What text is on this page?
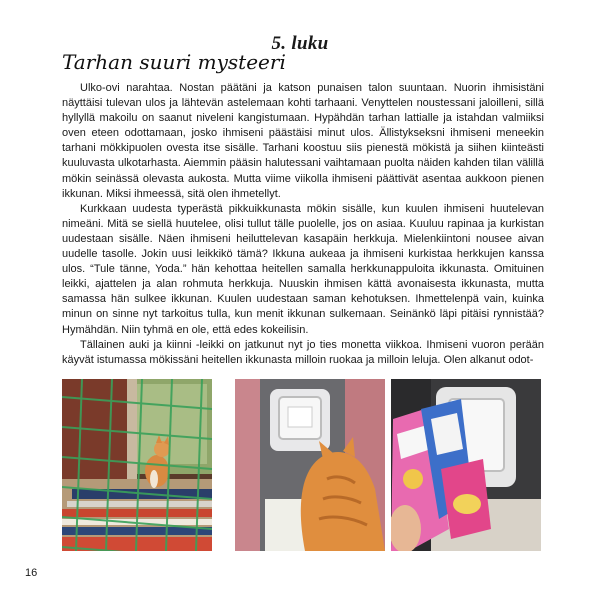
5. luku
Tarhan suuri mysteeri

Ulko-ovi narahtaa. Nostan päätäni ja katson punaisen talon suuntaan. Nuorin ihmisistäni näyttäisi tulevan ulos ja lähtevän astelemaan kohti tarhaani. Venyttelen noustessani jaloilleni, sillä hyllyllä makoilu on saanut niveleni kangistumaan. Hypähdän tarhan lattialle ja istahdan valmiiksi oven eteen odottamaan, josko ihmiseni päästäisi minut ulos. Ällistykseksni ihmiseni meneekin tarhani mökkipuolen ovesta itse sisälle. Tarhani koostuu siis pienestä mökistä ja siihen kiinteästi kuuluvasta ulkotarhasta. Aiemmin pääsin halutessani vaihtamaan puolta näiden kahden tilan välillä mökin seinässä olevasta aukosta. Mutta viime viikolla ihmiseni päättivät asentaa aukkoon pienen ikkunan. Miksi ihmeessä, sitä olen ihmetellyt.

Kurkkaan uudesta typerästä pikkuikkunasta mökin sisälle, kun kuulen ihmiseni huutelevan nimeäni. Mitä se siellä huutelee, olisi tullut tälle puolelle, jos on asiaa. Kuuluu rapinaa ja kurkistan uudestaan sisälle. Näen ihmiseni heiluttelevan kasapäin herkkuja. Mielenkiintoni nousee aivan uudelle tasolle. Jokin uusi leikkikö tämä? Ikkuna aukeaa ja ihmiseni kurkistaa herkkujen kanssa ulos. “Tule tänne, Yoda.” hän kehottaa heitellen samalla herkkunappuloita ikkunasta. Omituinen leikki, ajattelen ja alan rohmuta herkkuja. Nuuskin ihmisen kättä avonaisesta ikkunasta, mutta samassa hän sulkee ikkunan. Kuulen uudestaan saman kehotuksen. Ihmettelenpä vain, kuinka minun on sinne nyt tarkoitus tulla, kun menit ikkunan sulkemaan. Seinänkö läpi pitäisi rynnistää? Hymähdän. Niin tyhmä en ole, että edes kokeilisin.

Tällainen auki ja kiinni -leikki on jatkunut nyt jo ties monetta viikkoa. Ihmiseni vuoron perään käyvät istumassa mökissäni heitellen ikkunasta milloin ruokaa ja milloin leluja. Olen alkanut odot-

16
